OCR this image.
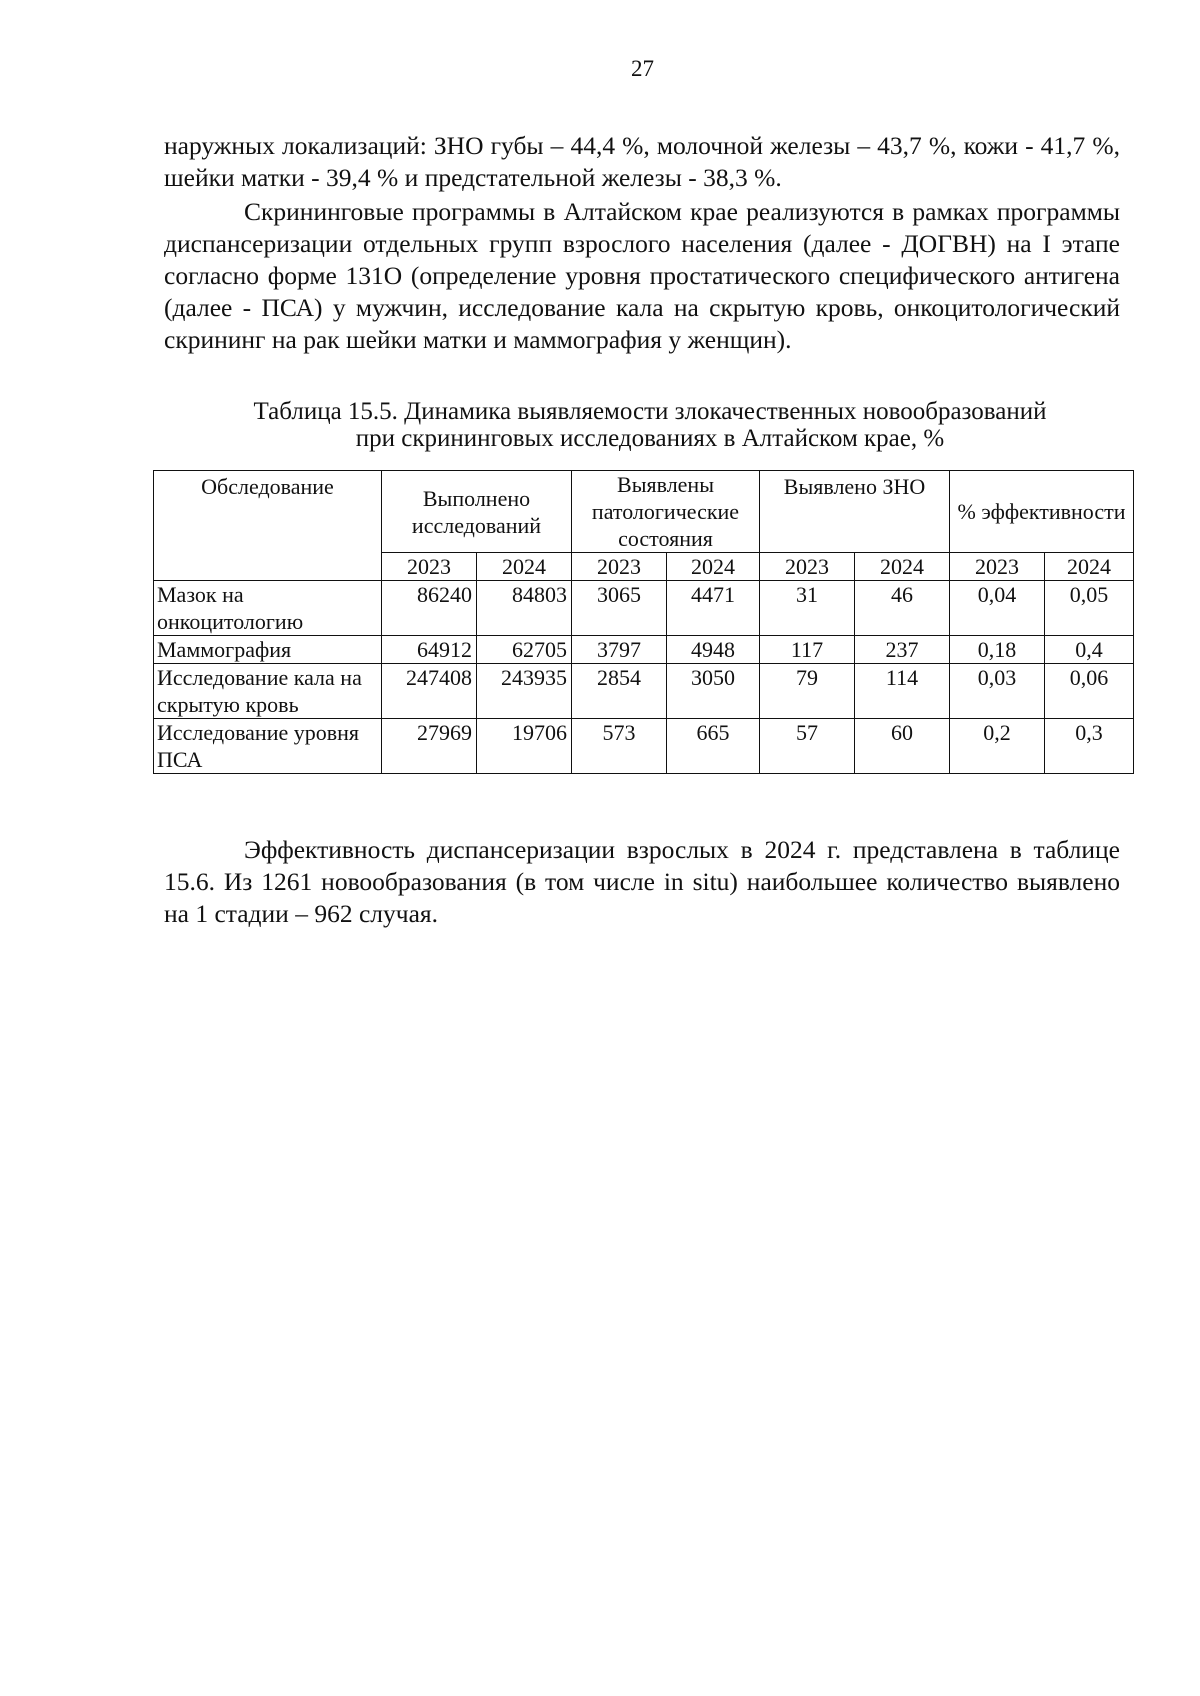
27

наружных локализаций: ЗНО губы – 44,4 %, молочной железы – 43,7 %, кожи - 41,7 %, шейки матки - 39,4 % и предстательной железы - 38,3 %.

Скрининговые программы в Алтайском крае реализуются в рамках программы диспансеризации отдельных групп взрослого населения (далее - ДОГВН) на I этапе согласно форме 131О (определение уровня простатического специфического антигена (далее - ПСА) у мужчин, исследование кала на скрытую кровь, онкоцитологический скрининг на рак шейки матки и маммография у женщин).

Таблица 15.5. Динамика выявляемости злокачественных новообразований
при скрининговых исследованиях в Алтайском крае, %
Обследование	Выполнено исследований		Выявлены патологические состояния		Выявлено ЗНО		% эффективности	
	2023	2024	2023	2024	2023	2024	2023	2024
Мазок на онкоцитологию	86240	84803	3065	4471	31	46	0,04	0,05
Маммография	64912	62705	3797	4948	117	237	0,18	0,4
Исследование кала на скрытую кровь	247408	243935	2854	3050	79	114	0,03	0,06
Исследование уровня ПСА	27969	19706	573	665	57	60	0,2	0,3

Эффективность диспансеризации взрослых в 2024 г. представлена в таблице 15.6. Из 1261 новообразования (в том числе in situ) наибольшее количество выявлено на 1 стадии – 962 случая.
